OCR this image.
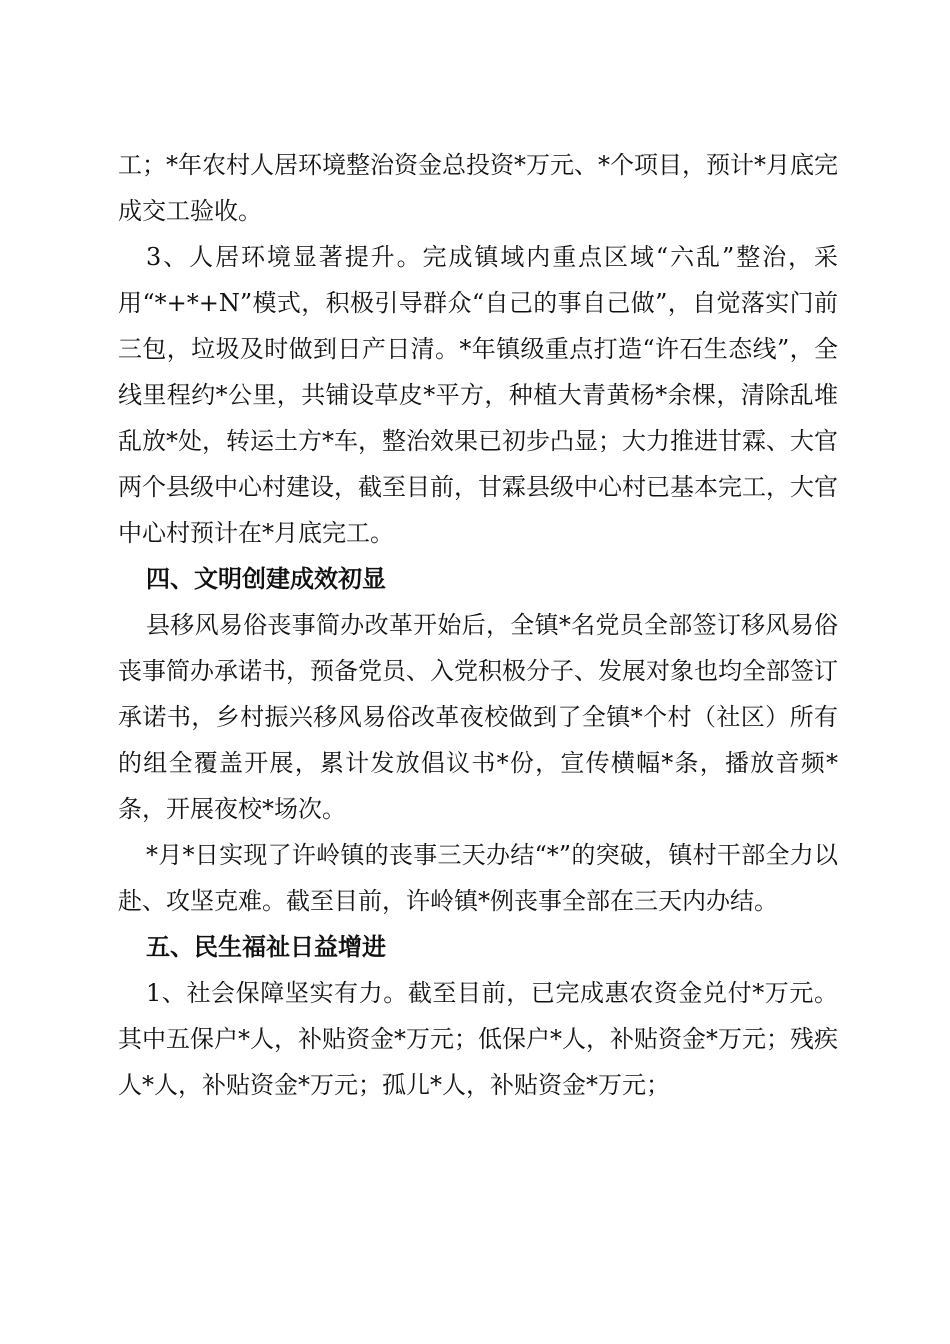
工；*年农村人居环境整治资金总投资*万元、*个项目，预计*月底完成交工验收。

3、人居环境显著提升。完成镇域内重点区域“六乱”整治，采用“*+*+N”模式，积极引导群众“自己的事自己做”，自觉落实门前三包，垃圾及时做到日产日清。*年镇级重点打造“许石生态线”，全线里程约*公里，共铺设草皮*平方，种植大青黄杨*余棵，清除乱堆乱放*处，转运土方*车，整治效果已初步凸显；大力推进甘霖、大官两个县级中心村建设，截至目前，甘霖县级中心村已基本完工，大官中心村预计在*月底完工。

四、文明创建成效初显

县移风易俗丧事简办改革开始后，全镇*名党员全部签订移风易俗丧事简办承诺书，预备党员、入党积极分子、发展对象也均全部签订承诺书，乡村振兴移风易俗改革夜校做到了全镇*个村（社区）所有的组全覆盖开展，累计发放倡议书*份，宣传横幅*条，播放音频*条，开展夜校*场次。

*月*日实现了许岭镇的丧事三天办结“*”的突破，镇村干部全力以赴、攻坚克难。截至目前，许岭镇*例丧事全部在三天内办结。

五、民生福祉日益增进

1、社会保障坚实有力。截至目前，已完成惠农资金兑付*万元。其中五保户*人，补贴资金*万元；低保户*人，补贴资金*万元；残疾人*人，补贴资金*万元；孤儿*人，补贴资金*万元；
